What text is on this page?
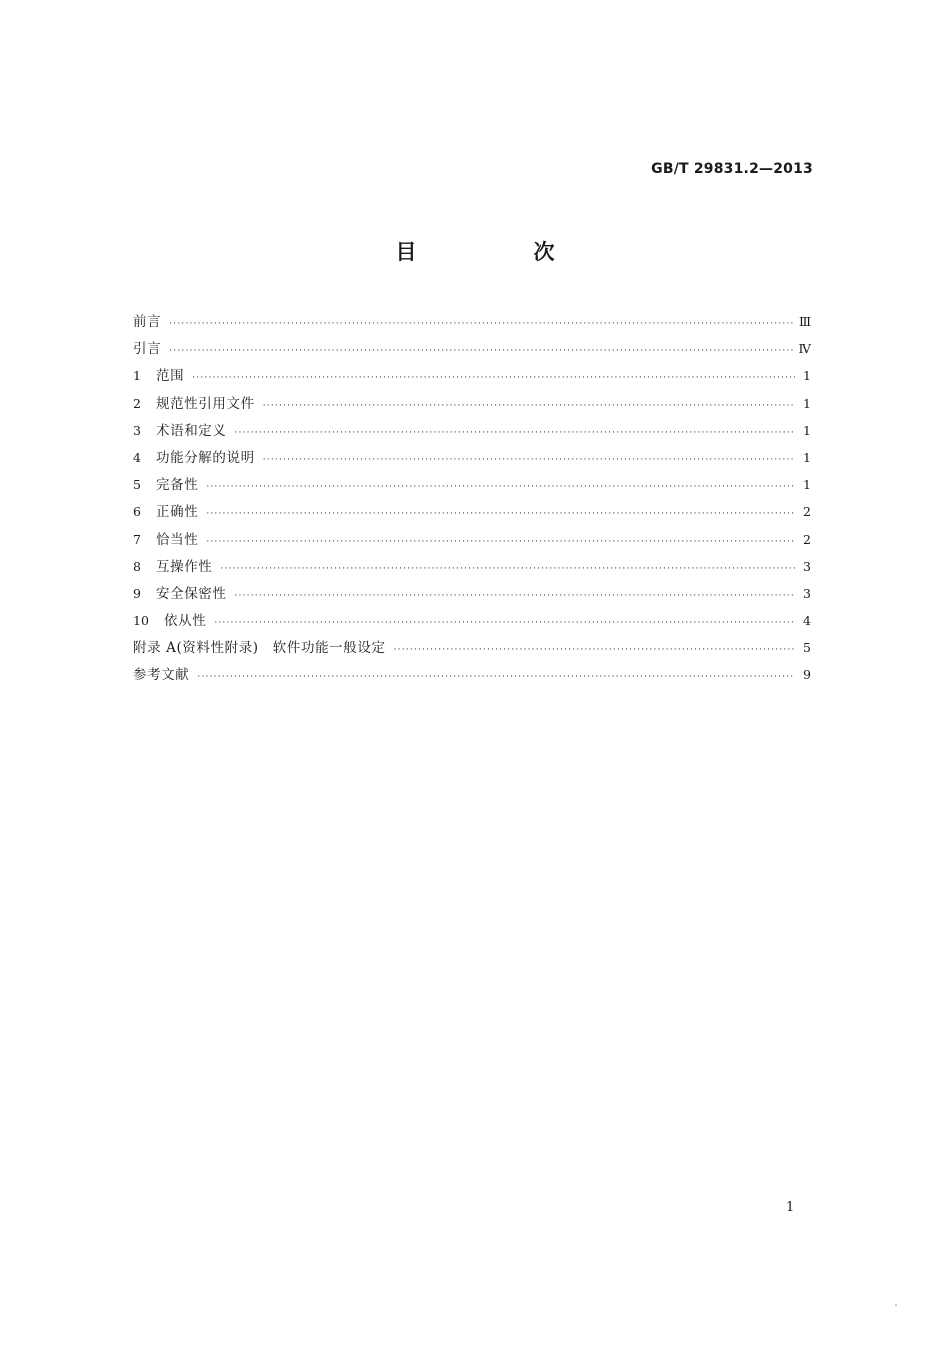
GB/T 29831.2—2013
目　次
前言 ·····	Ⅲ
引言 ·····	Ⅳ
1	范围 ·····	1
2	规范性引用文件 ·····	1
3	术语和定义 ·····	1
4	功能分解的说明 ·····	1
5	完备性 ·····	1
6	正确性 ·····	2
7	恰当性 ·····	2
8	互操作性 ·····	3
9	安全保密性 ·····	3
10	依从性 ·····	4
附录 A(资料性附录)　软件功能一般设定 ·····	5
参考文献 ·····	9
1
